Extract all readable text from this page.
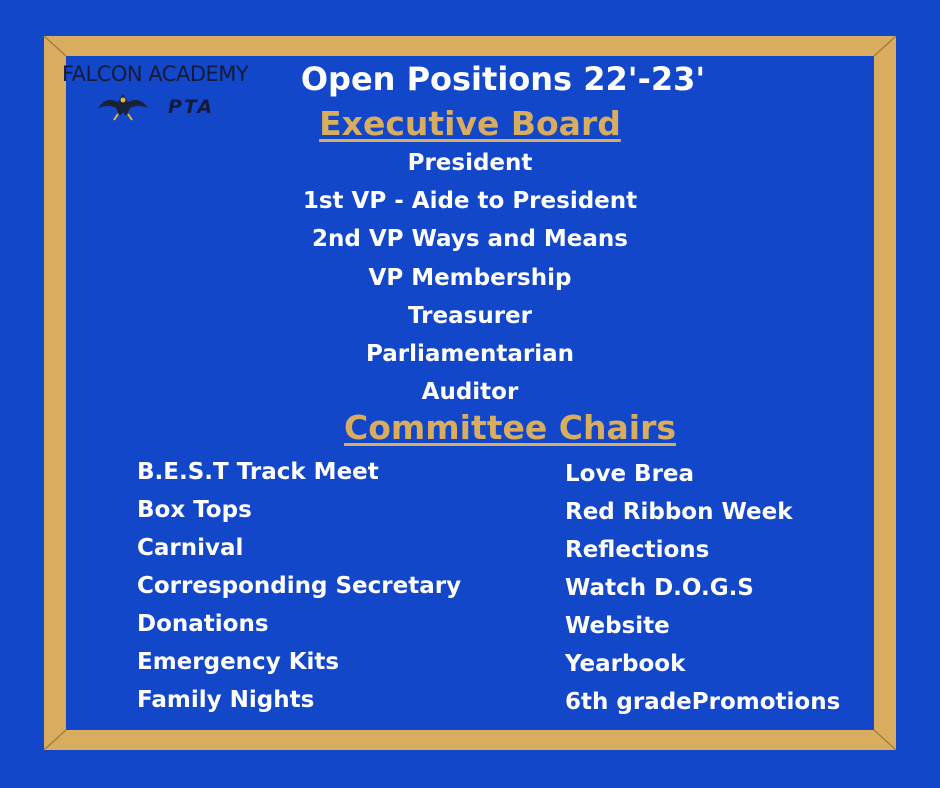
FALCON ACADEMY
PTA
Open Positions 22'-23'
Executive Board
President
1st VP - Aide to President
2nd VP Ways and Means
VP Membership
Treasurer
Parliamentarian
Auditor
Committee Chairs
B.E.S.T Track Meet
Box Tops
Carnival
Corresponding Secretary
Donations
Emergency Kits
Family Nights
Love Brea
Red Ribbon Week
Reflections
Watch D.O.G.S
Website
Yearbook
6th gradePromotions
